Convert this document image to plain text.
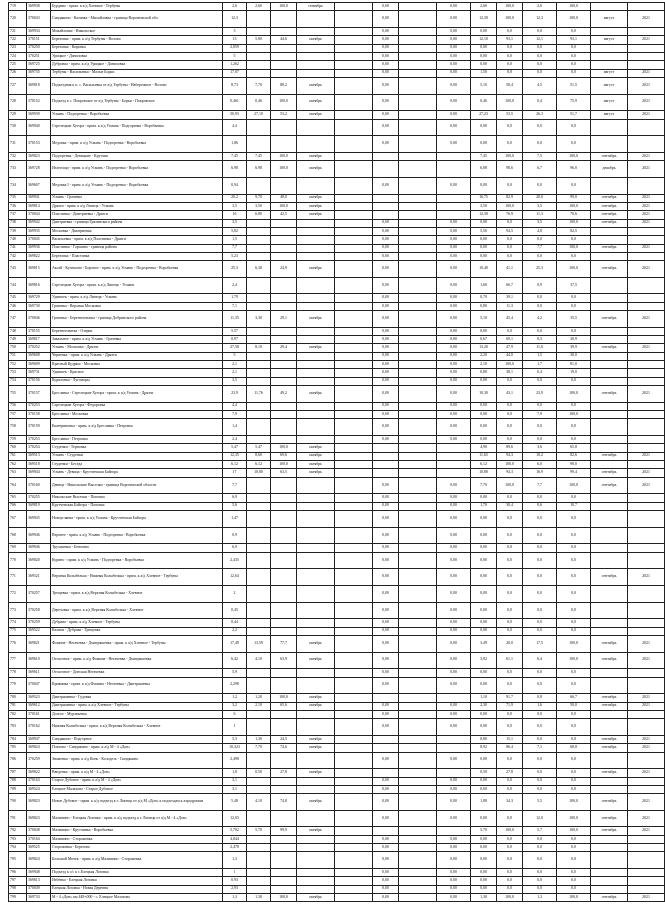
719	369938	Бурдино - прим. к а/д Хлевное - Тербуны	2,6	2,60	100,0	сентябрь		0,00		0,00	2,60	100,0	2,6	100,0		
720	370043	Синдякино - Казинка - Михайловка - граница Воронежской обл.	12,3					0,00		0,00	12,30	100,0	12,3	100,0	август	2021
721	369934	Михайловка - Никольское	3					0,00		0,00	0,00	0,0	0,0	0,0		
722	370151	Березовка - прим. к а/д Тербуны - Волово	13	5,80	44,6	октябрь		0,00		0,00	12,10	93,1	12,1	93,1	август	2021
723	370250	Березовка - Кировка	2,859					0,00		0,00	0,00	0,0	0,0	0,0		
724	370251	Урицкое - Даниловка	5					0,00		0,00	0,00	0,0	0,0	0,0		
725	369725	Дубровка - прим. к а/д Урицкое - Даниловка	1,262					0,00		0,00	0,00	0,0	0,0	0,0		
726	369735	Тербуны - Васильевка - Малые Борки	17,07					0,00		0,00	1,50	8,8	0,0	0,0	август	2021
727	369818	Подъездная к п. с. Васильевка от а/д Тербуны - Набережное - Волово	8,73	7,70	88,2	октябрь		0,00		0,00	5,10	58,4	4,5	51,5	август	2021
728	370152	Подъезд к с. Покровское от а/д Тербуны - Борки - Покровское	0,461	0,46	100,0	октябрь		0,00		0,00	0,46	100,0	0,4	75,9	август	2021
729	369939	Усмань - Подгоренка - Воробьевка	50,93	27,10	53,2	октябрь		0,00		0,00	27,23	53,5	26,3	51,7	август	2021
730	369940	Стрелецкие Хутора - прим. к а/д Усмань - Подгоренка - Воробьевка	4,4					0,00		0,00	0,00	0,0	0,0	0,0		
731	370153	Медовка - прим. к а/д Усмань - Подгоренка - Воробьевка	1,86					0,00		0,00	0,00	0,0	0,0	0,0		
732	369823	Подгоренка - Девицкие - Крутчик	7,45	7,45	100,0	октябрь					7,45	100,0	7,5	100,0	сентябрь	2021
733	369728	Излегощи - прим. к а/д Усмань - Подгоренка - Воробьевка	6,98	6,98	100,0	октябрь					6,88	98,6	6,7	96,0	декабрь	2021
734	369607	Медовка I - прим. к а/д Усмань - Подгоренка - Воробьевка	0,94					0,00		0,00	0,00	0,0	0,0	0,0		
735	369941	Усмань - Грачевка	20,2	9,70	48,0	октябрь					16,75	82,9	20,0	99,0	сентябрь	2021
736	369814	Дрязги - прим. к а/д Липецк - Усмань	3,5	3,50	100,0	октябрь					3,50	100,0	3,5	100,0	сентябрь	2021
737	370044	Пластинка - Дмитриевка - Дрязги	16	6,80	42,5	октябрь					12,30	76,9	11,3	70,6	сентябрь	2021
738	369942	Дмитриевка - граница Грязинского района	3,5					0,00		0,00	0,00	0,0	3,5	100,0	сентябрь	2021
739	369935	Московка - Дмитриевка	5,82					0,00		0,00	5,50	94,5	4,8	82,5		
740	370045	Васильевка - прим. к а/д Пластинка - Дрязги	1,5					0,00		0,00	0,00	0,0	0,0	0,0		
741	369936	Пластинка - Гаршино - граница района	7,7					0,00		0,00	0,00	0,0	7,7	100,0	сентябрь	2021
742	369822	Березовка - Пластинка	5,23					0,00		0,00	0,00	0,0	0,0	0,0		
743	369815	Аксай - Кулешово - Боровое - прим. к а/д Усмань - Подгоренка - Воробьевка	25,3	6,30	24,9	октябрь		0,00		0,00	10,40	41,1	25,3	100,0	сентябрь	2021
744	369816	Стрелецкие Хутора - прим. к а/д Липецк - Усмань	2,4					0,00		0,00	1,60	66,7	0,9	37,5		
745	369729	Удвишек - прим. к а/д Липецк - Усмань	1,79					0,00		0,00	0,70	39,1	0,0	0,0		
746	369730	Грачевка - Верхняя Московка	7,1					0,00		0,00	0,80	11,3	0,0	0,0		
747	370046	Грачевка - Березнеговатка - граница Добринского района	11,35	3,30	29,1	октябрь		0,00		0,00	5,10	45,4	4,2	35,5	сентябрь	2021
748	370155	Березнеговатка - Озерки	5,57					0,00		0,00	0,00	0,0	0,0	0,0		
749	369817	Завальное - прим. к а/д Усмань - Грачевка	0,97					0,00		0,00	0,67	69,1	0,3	30,9		
750	370252	Усмань - Московка - Дрязги	27,58	8,10	29,4	октябрь		0,00		0,00	13,20	47,9	11,0	39,9	сентябрь	2021
751	369608	Черневка - прим. к а/д Усмань - Дрязги	5					0,00		0,00	2,20	44,0	1,5	30,0		
752	369609	Красный Кудряш - Московка	2,1					0,00		0,00	2,10	100,0	1,7	81,0		
753	369731	Удвишек - Красное	2,1					0,00		0,00	0,80	38,1	0,4	19,0		
754	370156	Куриловка - Лугоморы	3,5					0,00		0,00	0,00	0,0	0,0	0,0		
755	370157	Бреславка - Стрелецкие Хутора - прим. к а/д Усмань - Дрязги	23,9	11,76	49,2	октябрь		0,00		0,00	10,30	43,1	23,9	100,0	сентябрь	2021
756	370253	Стрелецкие Хутора - Федоровка	4,4					0,00		0,00	0,00	0,0	0,0	0,0		
757	370158	Бреславка - Московка	7,9					0,00		0,00	0,00	0,0	7,9	100,0		
758	370159	Екатериновка - прим. к а/д Бреславка - Петровка	1,4					0,00		0,00	0,00	0,0	0,0	0,0		
759	370253	Бреславка - Петровка	2,4					0,00		0,00	0,00	0,0	0,0	0,0		
760	370254	Студенки - Терновка	5,47	5,47	100,0	октябрь					4,90	89,6	3,6	65,8		
761	369513	Усмань - Студенки	12,35	8,60	69,6	октябрь					11,65	94,3	10,2	82,6	сентябрь	2021
762	369518	Студенки - Беседа	6,12	6,12	100,0	октябрь					6,12	100,0	6,0	98,0		
763	369944	Усмань - Девица - Крутченская Байгора	17	10,80	63,5	октябрь					10,80	94,3	16,9	99,4	сентябрь	2021
764	370160	Девица - Никольские Выселки - граница Воронежской области	7,7					0,00		0,00	7,70	100,0	7,7	100,0	сентябрь	2021
765	370255	Никольские Выселки - Поповка	6,9					0,00		0,00	0,00	0,0	0,0	0,0		
766	369819	Крутченская Байгора - Поповка	5,6					0,00		0,00	1,70	30,4	0,6	10,7		
767	369945	Новоуглянка - прим. к а/д Усмань - Крутченская Байгора	1,47					0,00		0,00	0,00	0,0	0,0	0,0		
768	369946	Верхнее - прим. к а/д Усмань - Подгоренка - Воробьевка	0,9					0,00		0,00	0,00	0,0	0,0	0,0		
769	369946	Трухачевка - Бегичево	6,9					0,00		0,00	0,00	0,0	0,0	0,0		
770	369820	Курино - прим. к а/д Усмань - Подгоренка - Воробьевка	2,435					0,00		0,00	0,00	0,0	0,0	0,0		
771	369521	Верхняя Колыбелька - Нижняя Колыбелька - прим. к а/д Хлевное - Тербуны	12,64					0,00		0,00	0,00	0,0	0,0	0,0	сентябрь	2021
772	370257	Трещевка - прим. к а/д Верхняя Колыбелька - Хлевное	2					0,00		0,00	0,00	0,0	0,0	0,0		
773	370258	Дерезовка - прим. к а/д Верхняя Колыбелька - Хлевное	0,45					0,00		0,00	0,00	0,0	0,0	0,0		
774	370259	Дубрава - прим. к а/д Хлевное - Тербуны	0,44					0,00		0,00	0,00	0,0	0,0	0,0		
775	369522	Калина - Дубрава - Трещевка	2,2					0,00		0,00	0,00	0,0	0,0	0,0		
776	369821	Фомина - Негачевка - Дмитряшевка - прим. к а/д Хлевное - Тербуны	17,49	13,59	77,7	октябрь		0,00		0,00	3,49	20,0	17,5	100,0	сентябрь	2021
777	369610	Отскочное - прим. к а/д Фомина - Негачевка - Дмитряшевка	6,42	4,10	63,9	октябрь		0,00		0,00	3,92	61,1	6,4	100,0	сентябрь	2021
778	369611	Отскочное - Донская Негачевка	5,9					0,00		0,00	0,00	0,0	0,0	0,0		
779	370047	Кривинка - прим. к а/д Фомина - Негачевка - Дмитряшевка	2,298					0,00		0,00	0,00	0,0	0,0	0,0		
780	369523	Дмитряшевка - Гудовка	1,2	1,20	100,0	октябрь					1,10	91,7	0,8	66,7	сентябрь	2021
781	369612	Дмитряшевка - прим. к а/д Хлевное - Тербуны	3,2	2,10	65,6	октябрь		0,00		0,00	2,30	71,9	1,6	50,0	сентябрь	2021
782	370161	Долгое - Муравьевка	6					0,00		0,00	0,00	0,0	0,0	0,0		
783	370162	Нижняя Колыбелька - прим. к а/д Верхняя Колыбелька - Хлевное	1					0,00		0,00	0,00	0,0	0,0	0,0		
784	369947	Синдякино - Подгорное	5,3	1,30	24,5	октябрь					0,80	15,1	0,0	0,0	сентябрь	2021
785	369824	Плехово - Синдякино - прим. к а/д М - 4 «Дон»	10,323	7,70	74,6	октябрь					8,92	86,4	7,1	68,8	сентябрь	2021
786	370259	Знаменка - прим. к а/д Конь - Колодезь - Синдякино	2,498					0,00		0,00	0,00	0,0	0,0	0,0		
787	369822	Введенка - прим. к а/д М - 4 «Дон»	1,8	0,50	27,8	октябрь					0,50	27,8	0,0	0,0	сентябрь	2021
788	370163	Старое Дубовое - прим. к а/д М - 4 «Дон»	3,1					0,00		0,00	0,00	0,0	0,0	0,0		
789	369524	Елецкое Малахово - Старое Дубовое	3,1					0,00		0,00	0,00	0,0	0,0	0,0		
790	369823	Новое Дубовое - прим. к а/д подъезд к г. Липецк от а/д М «Дон» к подъездам к аэродромам	5,48	4,10	74,8	октябрь		0,00		0,00	1,88	34,3	5,5	100,0	сентябрь	2021
791	369823	Малинино - Елецкая Лозовка - прим. к а/д подъезд к г. Липецк от а/д М - 4 «Дон»	12,03					0,00		0,00	0,00	0,0	12,0	100,0	сентябрь	2021
792	370048	Малинино - Крутчинка - Воробьевка	5,702	5,70	99,9	октябрь					5,70	100,0	5,7	100,0	сентябрь	2021
793	370164	Малинино - Сторожевка	4,844					0,00		0,00	0,00	0,0	0,0	0,0		
794	369525	Сторожевка - Берегово	2,478					0,00		0,00	0,00	0,0	0,0	0,0		
795	369824	Большой Мочек - прим. к а/д Малинино - Сторожевка	1,3					0,00		0,00	0,00	0,0	0,0	0,0		
796	369948	Подъезд к с/с к с.Елецкая Лозовка	1					0,00		0,00	0,00	0,0	0,0	0,0		
797	369613	Избёнка - Елецкая Лозовка	0,93					0,00		0,00	0,00	0,0	0,0	0,0		
798	370049	Елецкая Лозовка - Новая Деревня	2,93					0,00		0,00	0,00	0,0	0,0	0,0		
799	369733	М - 4 «Дон» км 448+000 - с. Елецкое Малахово	1,3	1,30	100,0	октябрь		0,00		0,00	1,30	100,0	1,3	100,0	сентябрь	2021
